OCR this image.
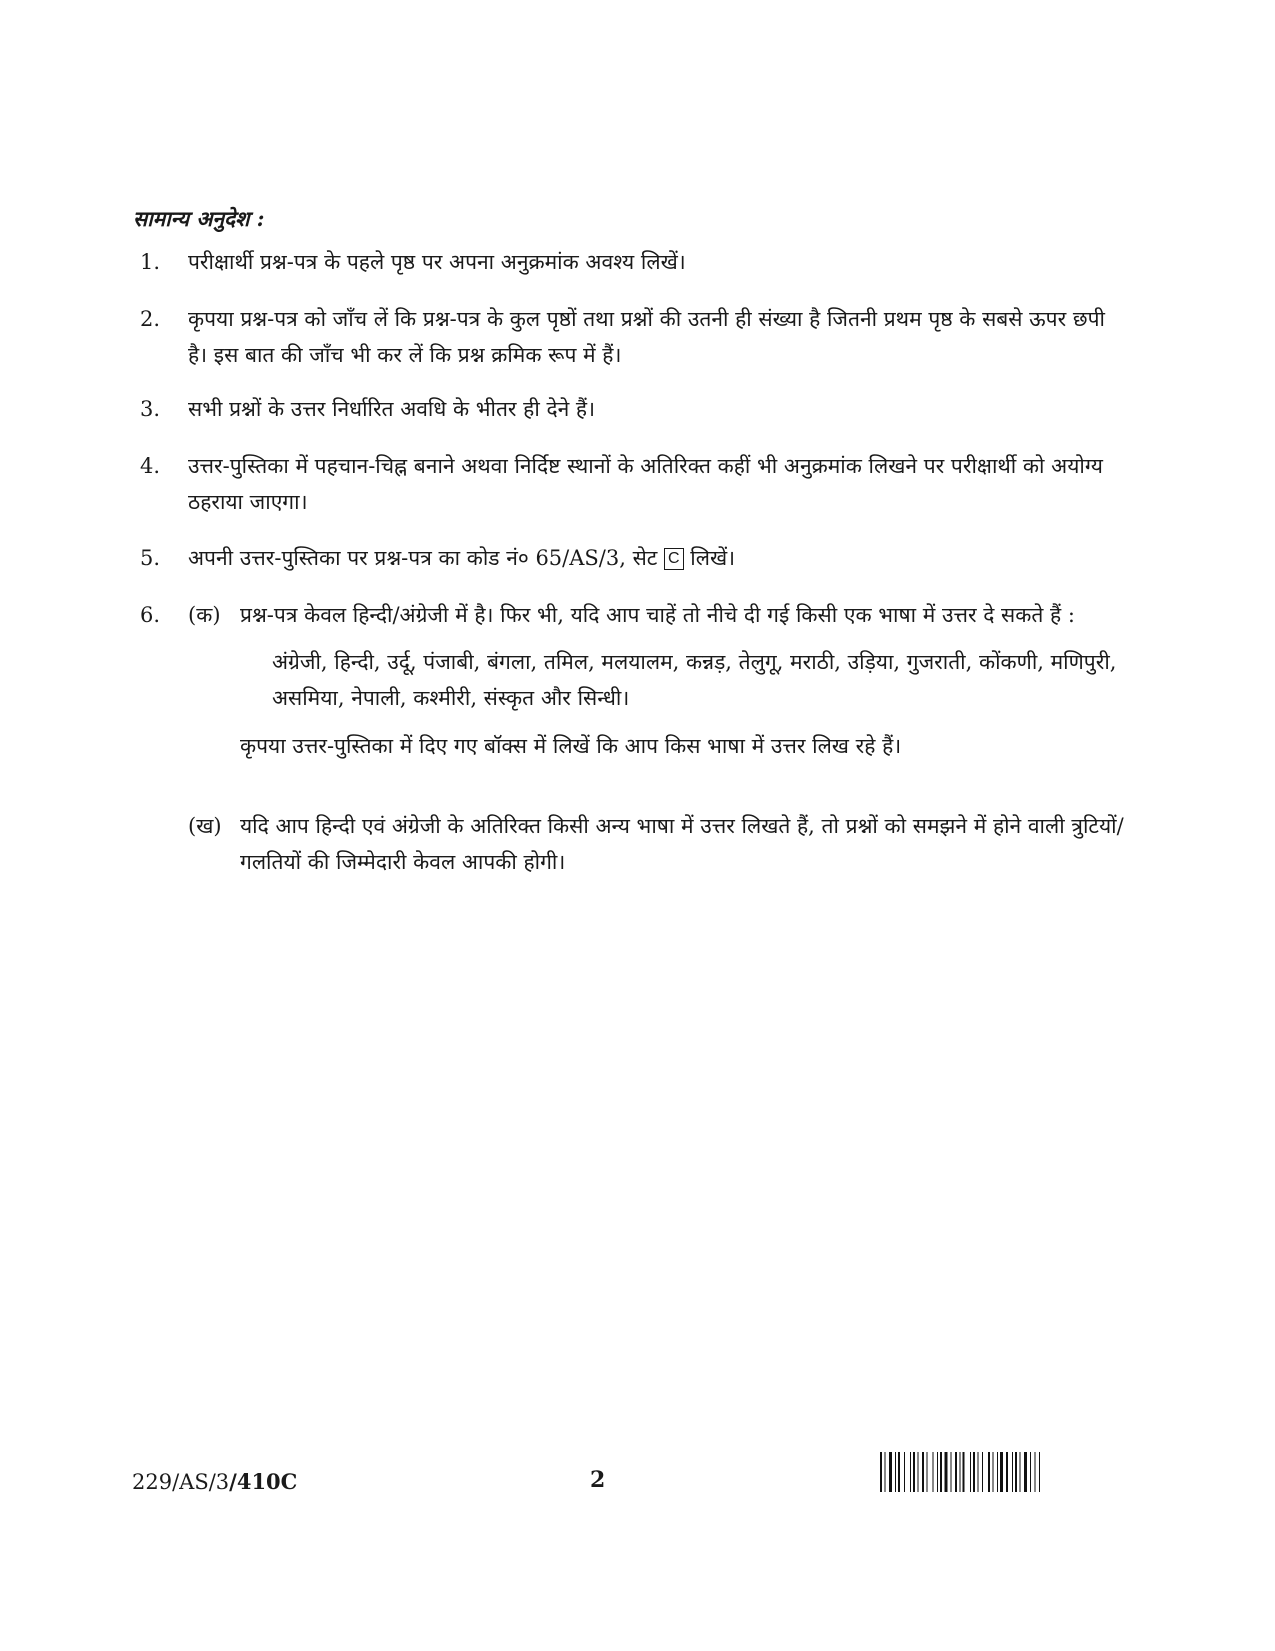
सामान्य अनुदेश :
1.	परीक्षार्थी प्रश्न-पत्र के पहले पृष्ठ पर अपना अनुक्रमांक अवश्य लिखें।
2.	कृपया प्रश्न-पत्र को जाँच लें कि प्रश्न-पत्र के कुल पृष्ठों तथा प्रश्नों की उतनी ही संख्या है जितनी प्रथम पृष्ठ के सबसे ऊपर छपी है। इस बात की जाँच भी कर लें कि प्रश्न क्रमिक रूप में हैं।
3.	सभी प्रश्नों के उत्तर निर्धारित अवधि के भीतर ही देने हैं।
4.	उत्तर-पुस्तिका में पहचान-चिह्न बनाने अथवा निर्दिष्ट स्थानों के अतिरिक्त कहीं भी अनुक्रमांक लिखने पर परीक्षार्थी को अयोग्य ठहराया जाएगा।
5.	अपनी उत्तर-पुस्तिका पर प्रश्न-पत्र का कोड नं० 65/AS/3, सेट C लिखें।
6.	(क) प्रश्न-पत्र केवल हिन्दी/अंग्रेजी में है। फिर भी, यदि आप चाहें तो नीचे दी गई किसी एक भाषा में उत्तर दे सकते हैं :
अंग्रेजी, हिन्दी, उर्दू, पंजाबी, बंगला, तमिल, मलयालम, कन्नड़, तेलुगू, मराठी, उड़िया, गुजराती, कोंकणी, मणिपुरी, असमिया, नेपाली, कश्मीरी, संस्कृत और सिन्धी।
कृपया उत्तर-पुस्तिका में दिए गए बॉक्स में लिखें कि आप किस भाषा में उत्तर लिख रहे हैं।
(ख) यदि आप हिन्दी एवं अंग्रेजी के अतिरिक्त किसी अन्य भाषा में उत्तर लिखते हैं, तो प्रश्नों को समझने में होने वाली त्रुटियों/गलतियों की जिम्मेदारी केवल आपकी होगी।
229/AS/3/410C	2
